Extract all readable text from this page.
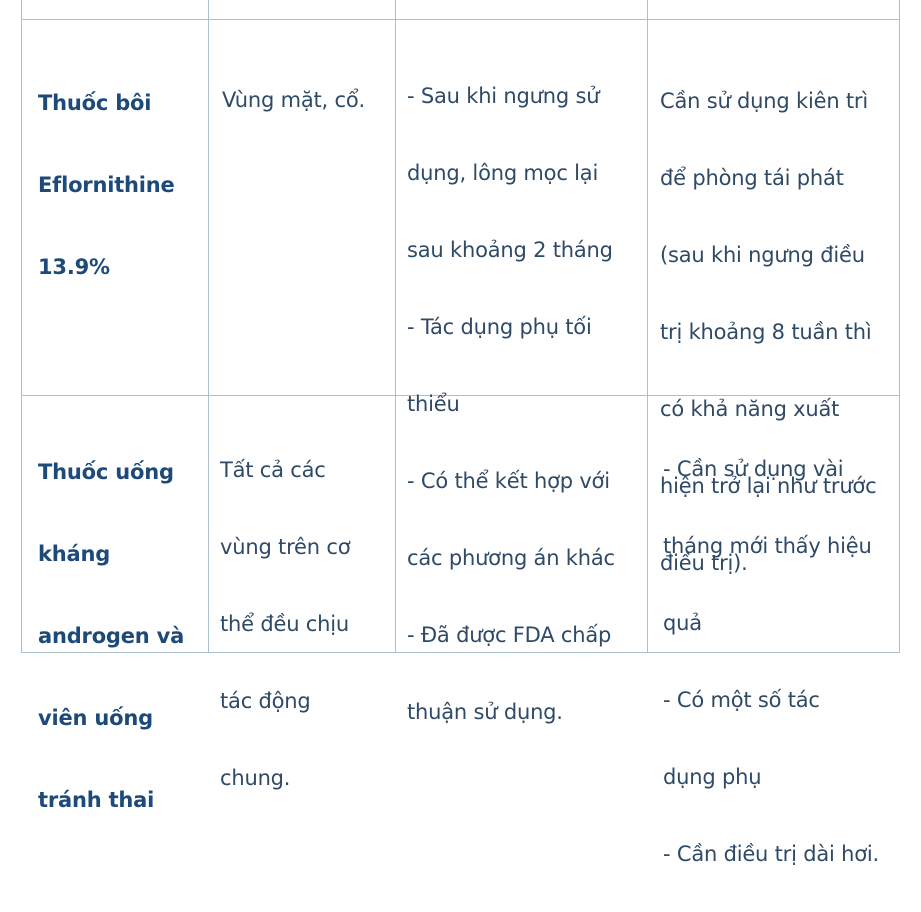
Thuốc bôi

Eflornithine

13.9%

Vùng mặt, cổ. - Sau khi ngưng sử

dụng, lông mọc lại

sau khoảng 2 tháng

- Tác dụng phụ tối

thiểu

- Có thể kết hợp với

các phương án khác

- Đã được FDA chấp

thuận sử dụng.

Cần sử dụng kiên trì

để phòng tái phát

(sau khi ngưng điều

trị khoảng 8 tuần thì

có khả năng xuất

hiện trở lại như trước

điều trị).

Thuốc uống

kháng

androgen và

viên uống

tránh thai

Tất cả các

vùng trên cơ

thể đều chịu

tác động

chung.

- Cần sử dụng vài

tháng mới thấy hiệu

quả

- Có một số tác

dụng phụ

- Cần điều trị dài hơi.
